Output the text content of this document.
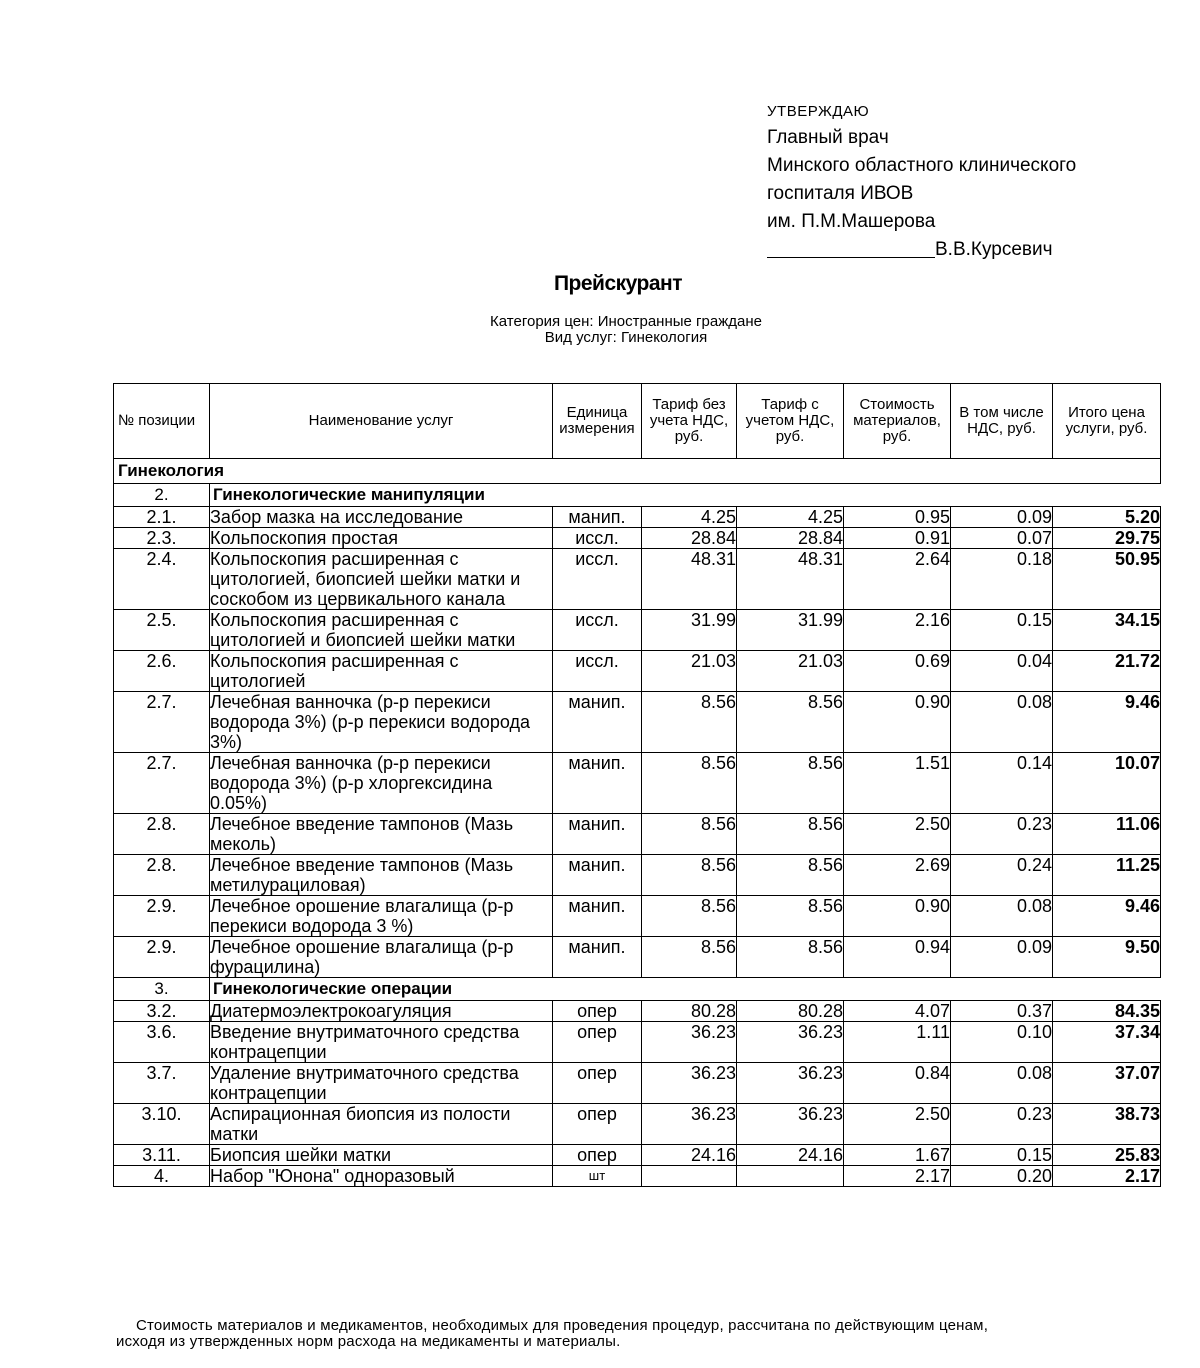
УТВЕРЖДАЮ
Главный врач
Минского областного клинического
госпиталя ИВОВ
им. П.М.Машерова
В.В.Курсевич
Прейскурант
Категория цен: Иностранные граждане
Вид услуг: Гинекология
№ позиции	Наименование услуг	Единица измерения	Тариф без учета НДС, руб.	Тариф с учетом НДС, руб.	Стоимость материалов, руб.	В том числе НДС, руб.	Итого цена услуги, руб.
Гинекология							
2.	Гинекологические манипуляции						
2.1.	Забор мазка на исследование	манип.	4.25	4.25	0.95	0.09	5.20
2.3.	Кольпоскопия простая	иссл.	28.84	28.84	0.91	0.07	29.75
2.4.	Кольпоскопия расширенная с цитологией, биопсией шейки матки и соскобом из цервикального канала	иссл.	48.31	48.31	2.64	0.18	50.95
2.5.	Кольпоскопия расширенная с цитологией и биопсией шейки матки	иссл.	31.99	31.99	2.16	0.15	34.15
2.6.	Кольпоскопия расширенная с цитологией	иссл.	21.03	21.03	0.69	0.04	21.72
2.7.	Лечебная ванночка (р-р перекиси водорода 3%) (р-р перекиси водорода 3%)	манип.	8.56	8.56	0.90	0.08	9.46
2.7.	Лечебная ванночка (р-р перекиси водорода 3%) (р-р хлоргексидина 0.05%)	манип.	8.56	8.56	1.51	0.14	10.07
2.8.	Лечебное введение тампонов (Мазь меколь)	манип.	8.56	8.56	2.50	0.23	11.06
2.8.	Лечебное введение тампонов (Мазь метилурациловая)	манип.	8.56	8.56	2.69	0.24	11.25
2.9.	Лечебное орошение влагалища (р-р перекиси водорода 3 %)	манип.	8.56	8.56	0.90	0.08	9.46
2.9.	Лечебное орошение влагалища (р-р фурацилина)	манип.	8.56	8.56	0.94	0.09	9.50
3.	Гинекологические операции						
3.2.	Диатермоэлектрокоагуляция	опер	80.28	80.28	4.07	0.37	84.35
3.6.	Введение внутриматочного средства контрацепции	опер	36.23	36.23	1.11	0.10	37.34
3.7.	Удаление внутриматочного средства контрацепции	опер	36.23	36.23	0.84	0.08	37.07
3.10.	Аспирационная биопсия из полости матки	опер	36.23	36.23	2.50	0.23	38.73
3.11.	Биопсия шейки матки	опер	24.16	24.16	1.67	0.15	25.83
4.	Набор "Юнона" одноразовый	шт			2.17	0.20	2.17
Стоимость материалов и медикаментов, необходимых для проведения процедур, рассчитана по действующим ценам,
исходя из утвержденных норм расхода на медикаменты и материалы.
